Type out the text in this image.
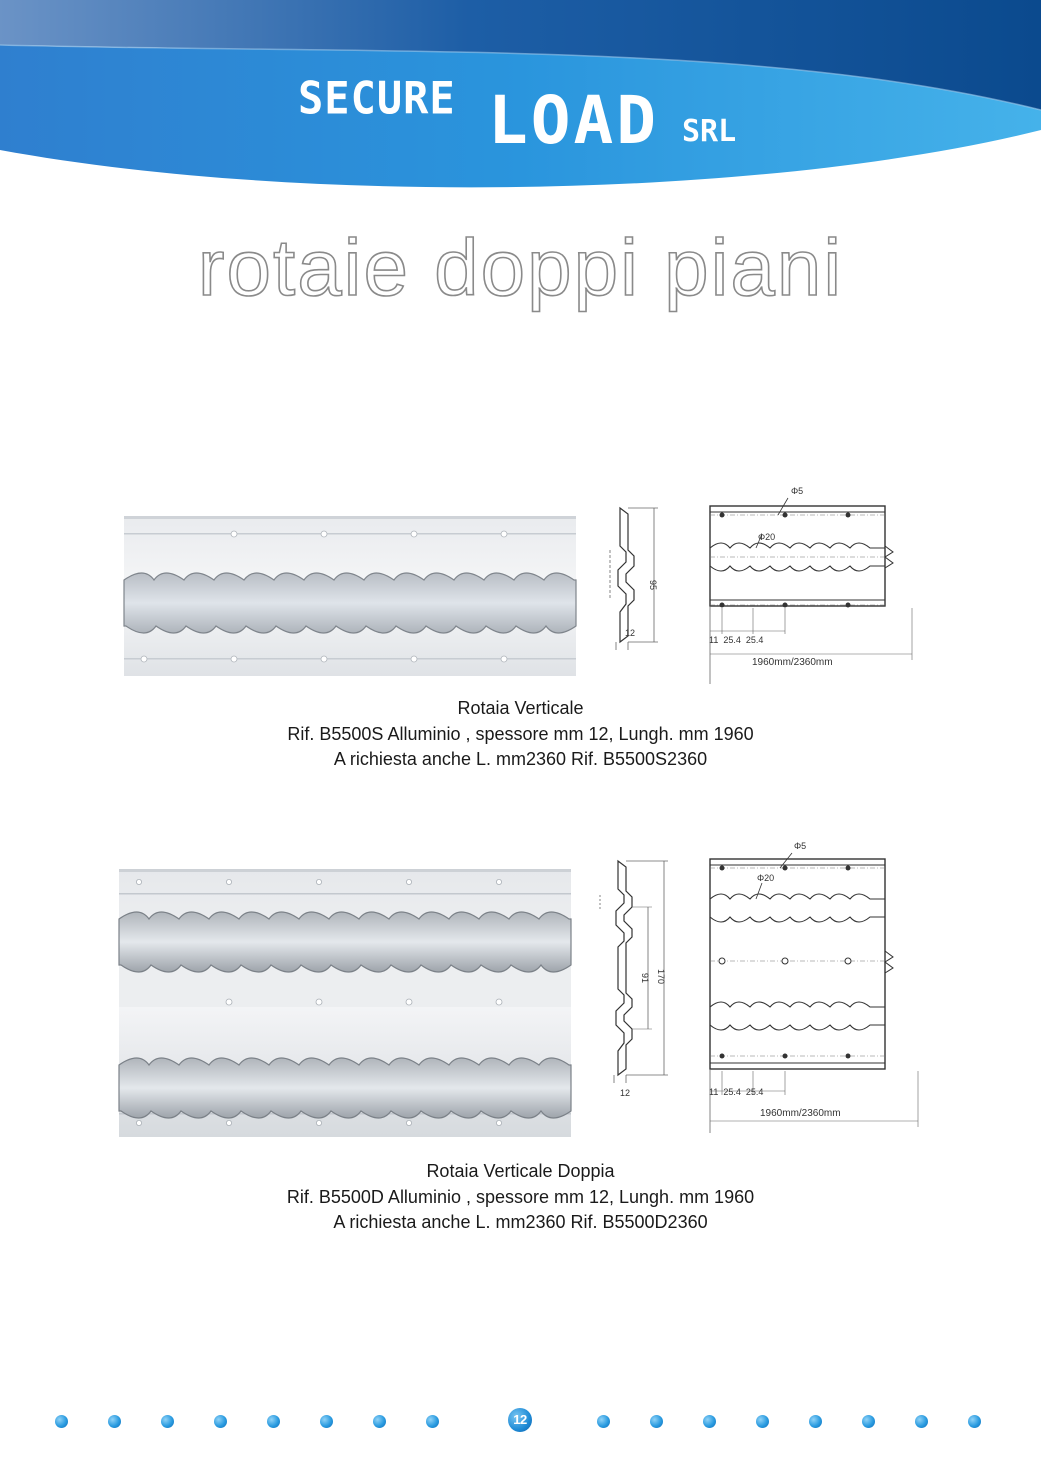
SECURE LOAD SRL
rotaie doppi piani
95
12
Φ5
Φ20
11  25.4  25.4
1960mm/2360mm
Rotaia Verticale
Rif. B5500S Alluminio , spessore mm 12, Lungh. mm 1960
A richiesta anche L. mm2360 Rif. B5500S2360
91 170
12
Φ5
Φ20
11  25.4  25.4
1960mm/2360mm
Rotaia Verticale Doppia
Rif. B5500D Alluminio , spessore mm 12, Lungh. mm 1960
A richiesta anche L. mm2360 Rif. B5500D2360
12
